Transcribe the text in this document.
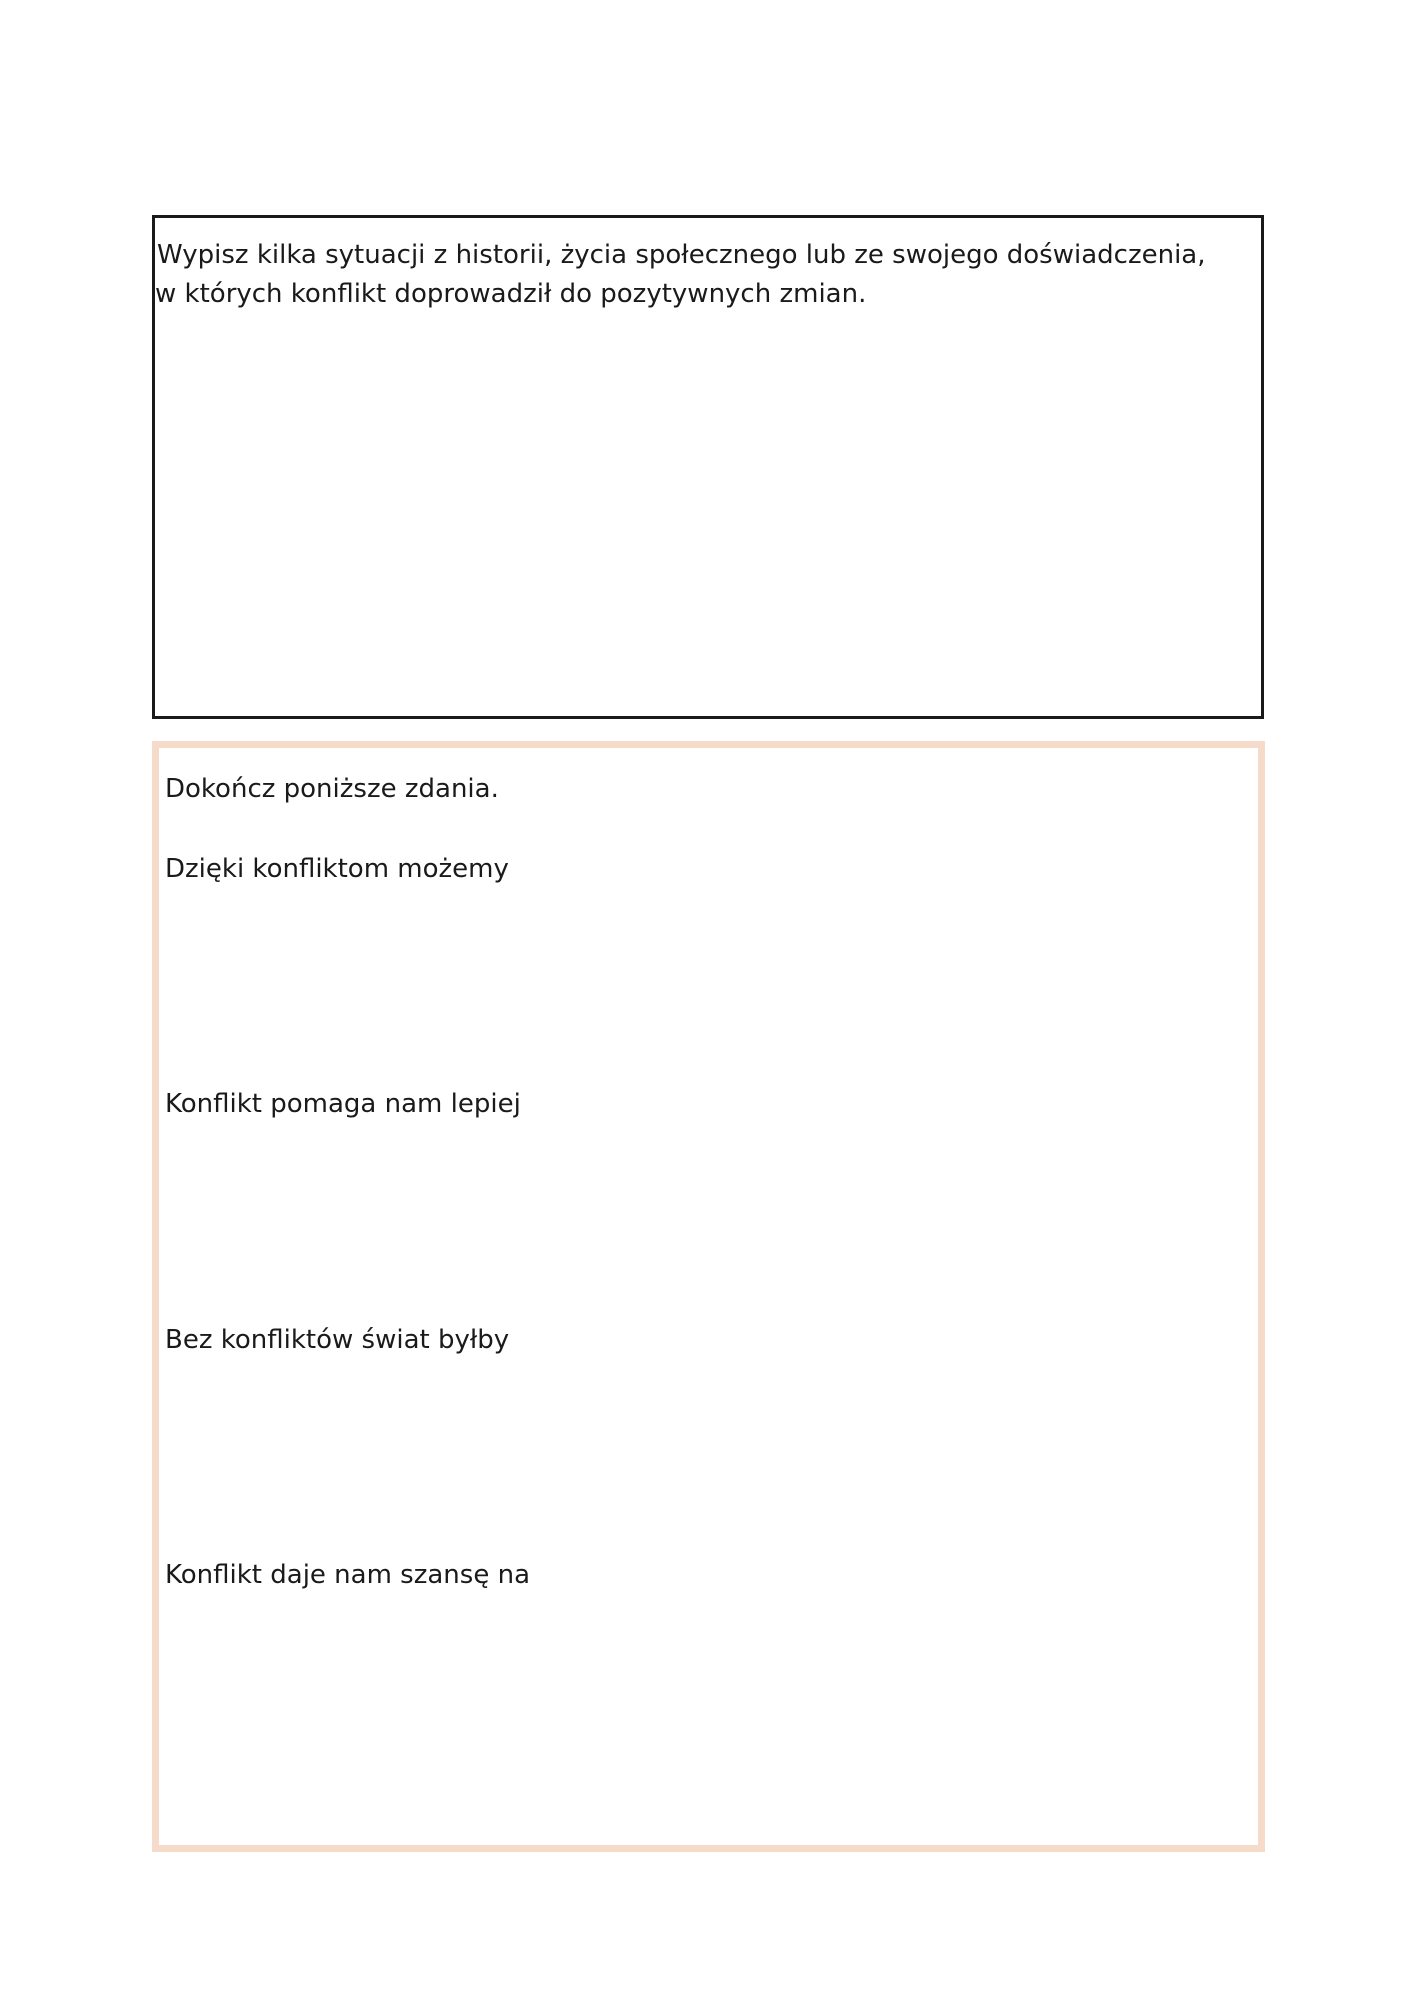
Wypisz kilka sytuacji z historii, życia społecznego lub ze swojego doświadczenia,
w których konflikt doprowadził do pozytywnych zmian.

Dokończ poniższe zdania.

Dzięki konfliktom możemy

Konflikt pomaga nam lepiej

Bez konfliktów świat byłby

Konflikt daje nam szansę na
